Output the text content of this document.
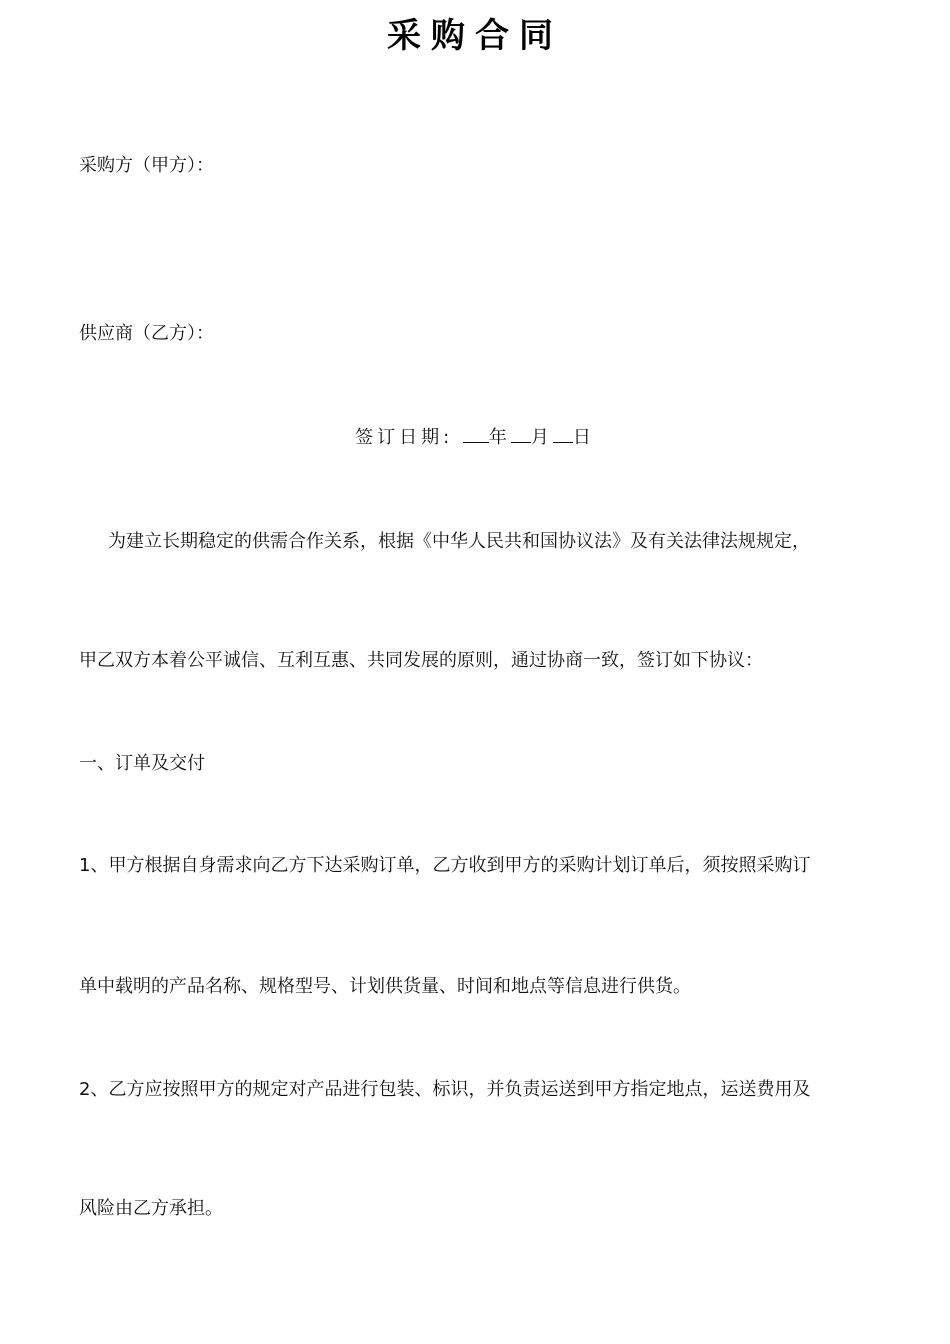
采购合同
采购方（甲方）：
供应商（乙方）：
签订日期: 年 月 日
为建立长期稳定的供需合作关系，根据《中华人民共和国协议法》及有关法律法规规定，
甲乙双方本着公平诚信、互利互惠、共同发展的原则，通过协商一致，签订如下协议：
一、订单及交付
1、甲方根据自身需求向乙方下达采购订单，乙方收到甲方的采购计划订单后，须按照采购订
单中载明的产品名称、规格型号、计划供货量、时间和地点等信息进行供货。
2、乙方应按照甲方的规定对产品进行包装、标识，并负责运送到甲方指定地点，运送费用及
风险由乙方承担。
